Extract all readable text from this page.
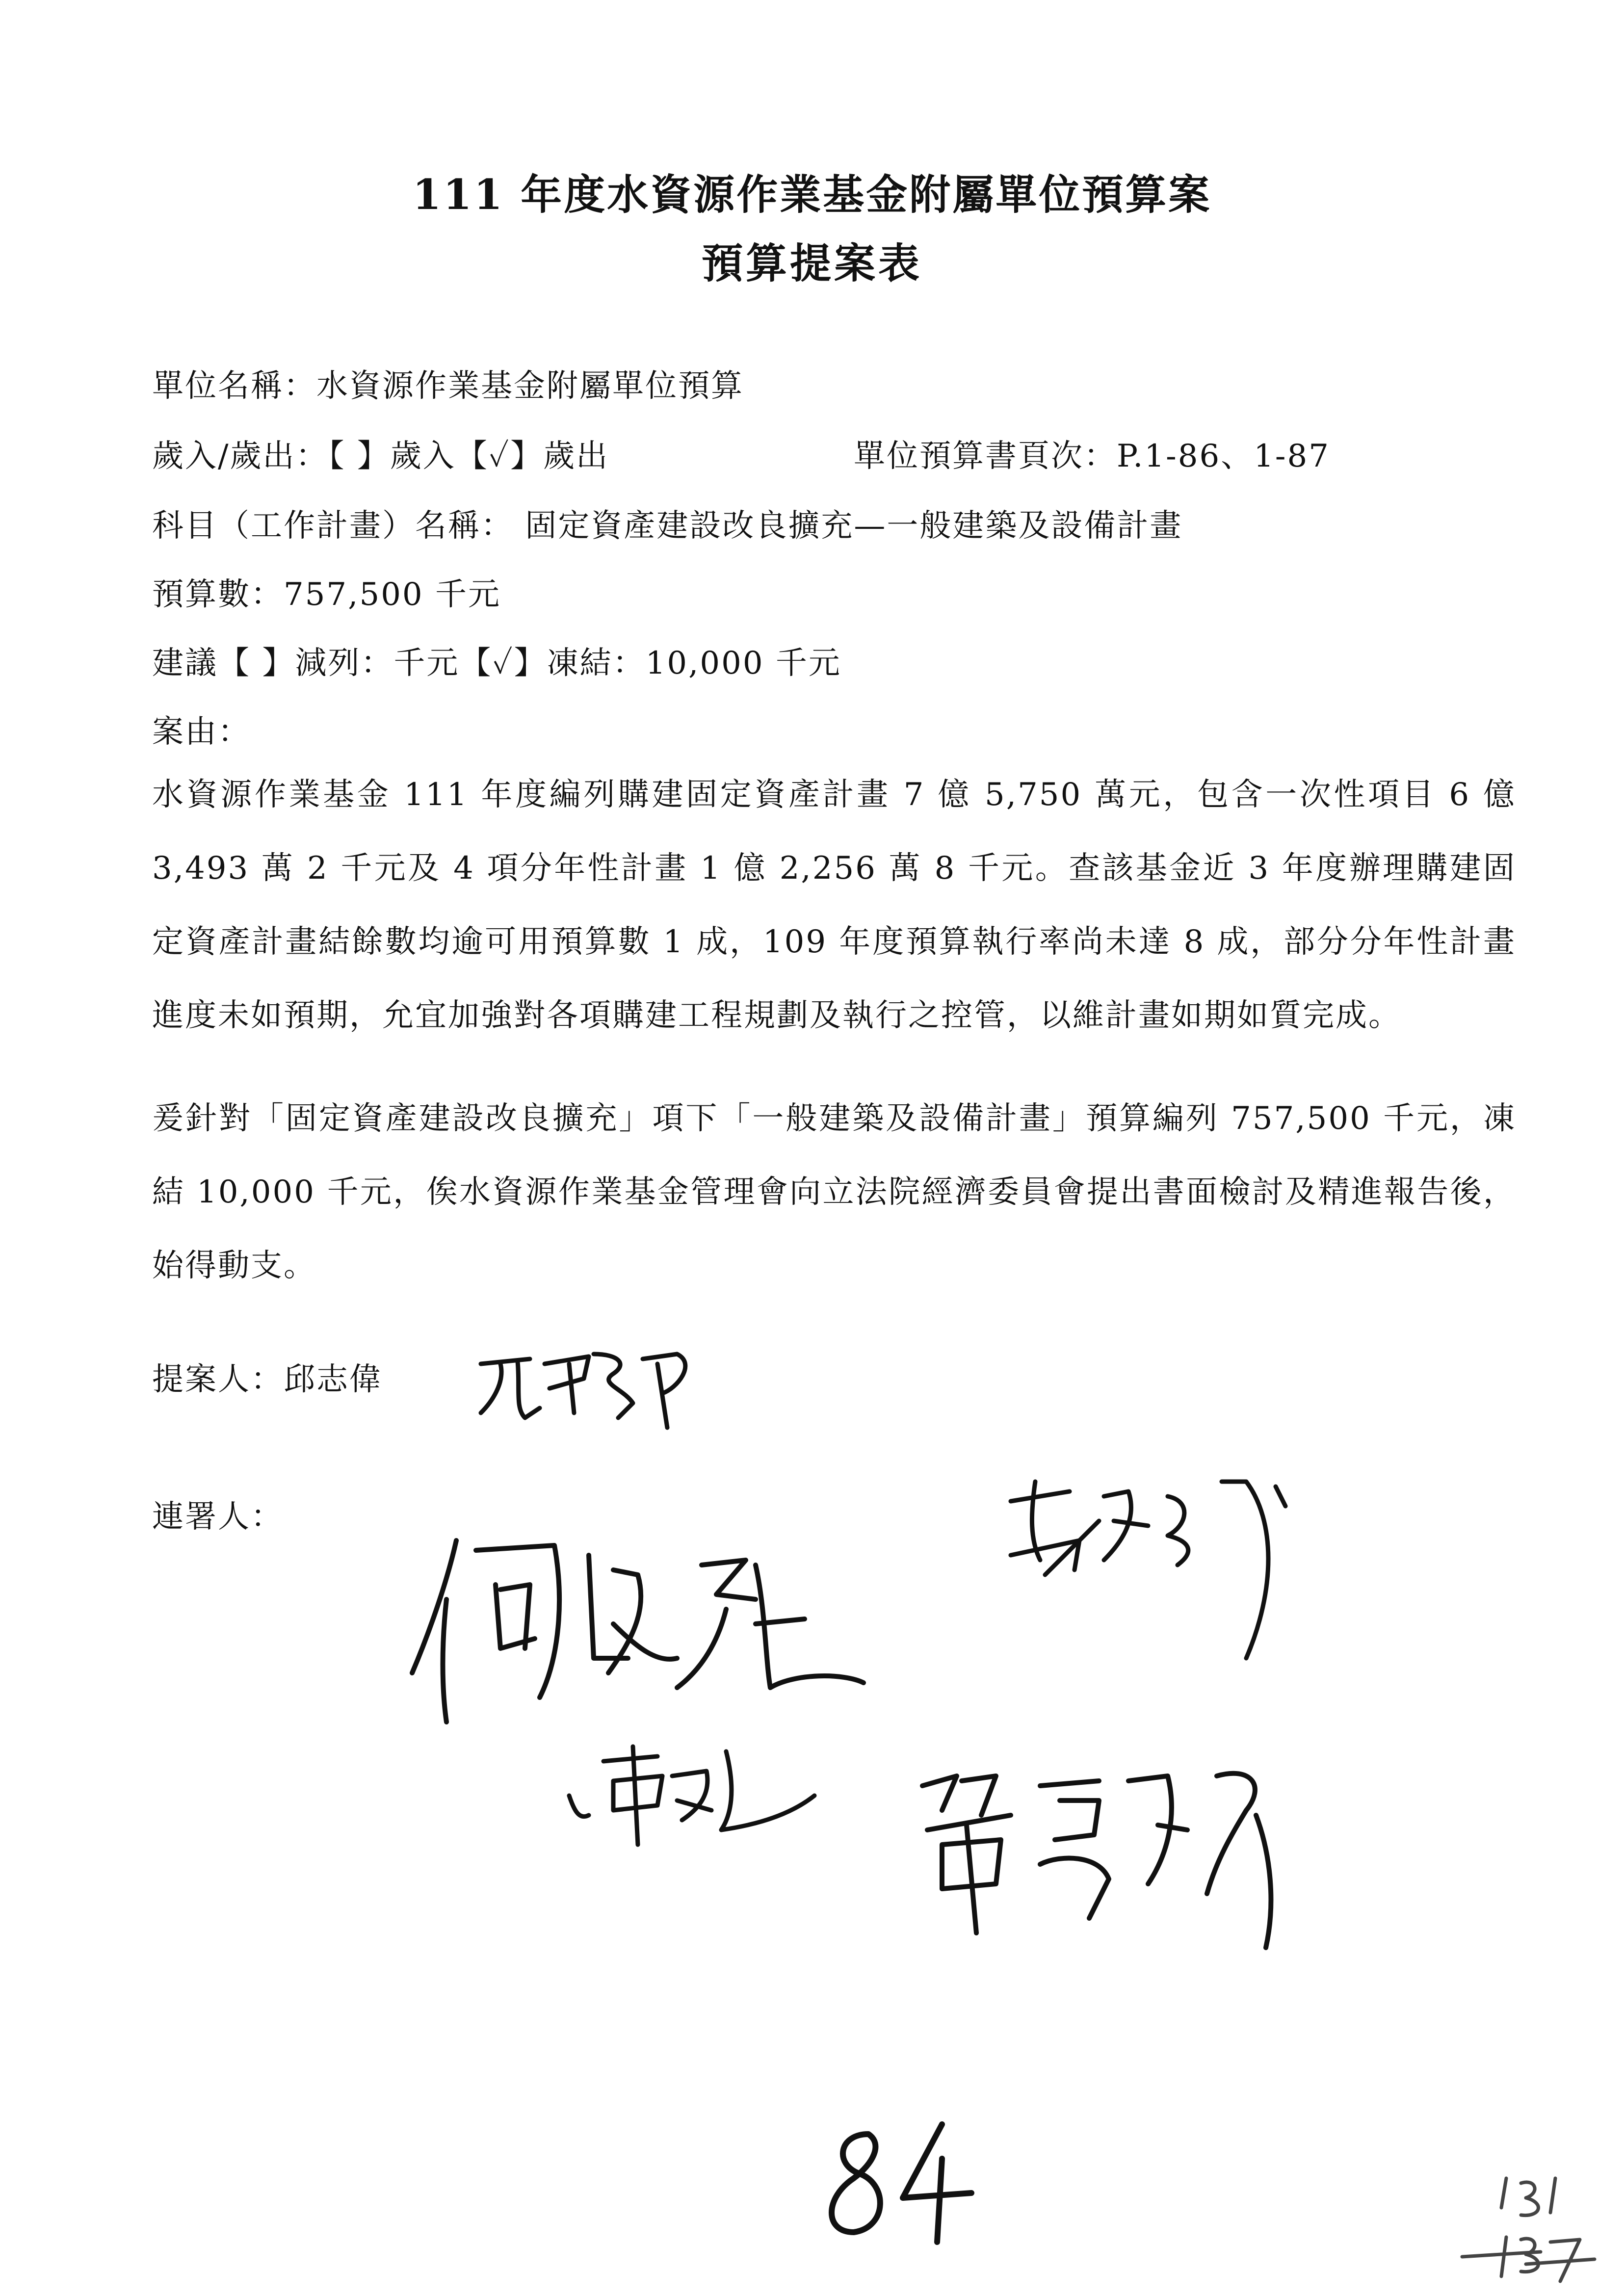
111 年度水資源作業基金附屬單位預算案
預算提案表
單位名稱：水資源作業基金附屬單位預算
歲入/歲出：【 】歲入【✓】歲出	單位預算書頁次：P.1-86、1-87
科目（工作計畫）名稱： 固定資產建設改良擴充—一般建築及設備計畫
預算數：757,500 千元
建議【 】減列：千元【✓】凍結：10,000 千元
案由：
水資源作業基金 111 年度編列購建固定資產計畫 7 億 5,750 萬元，包含一次性項目 6 億 3,493 萬 2 千元及 4 項分年性計畫 1 億 2,256 萬 8 千元。查該基金近 3 年度辦理購建固定資產計畫結餘數均逾可用預算數 1 成，109 年度預算執行率尚未達 8 成，部分分年性計畫進度未如預期，允宜加強對各項購建工程規劃及執行之控管，以維計畫如期如質完成。
爰針對「固定資產建設改良擴充」項下「一般建築及設備計畫」預算編列 757,500 千元，凍結 10,000 千元，俟水資源作業基金管理會向立法院經濟委員會提出書面檢討及精進報告後，始得動支。
提案人：邱志偉
連署人：
